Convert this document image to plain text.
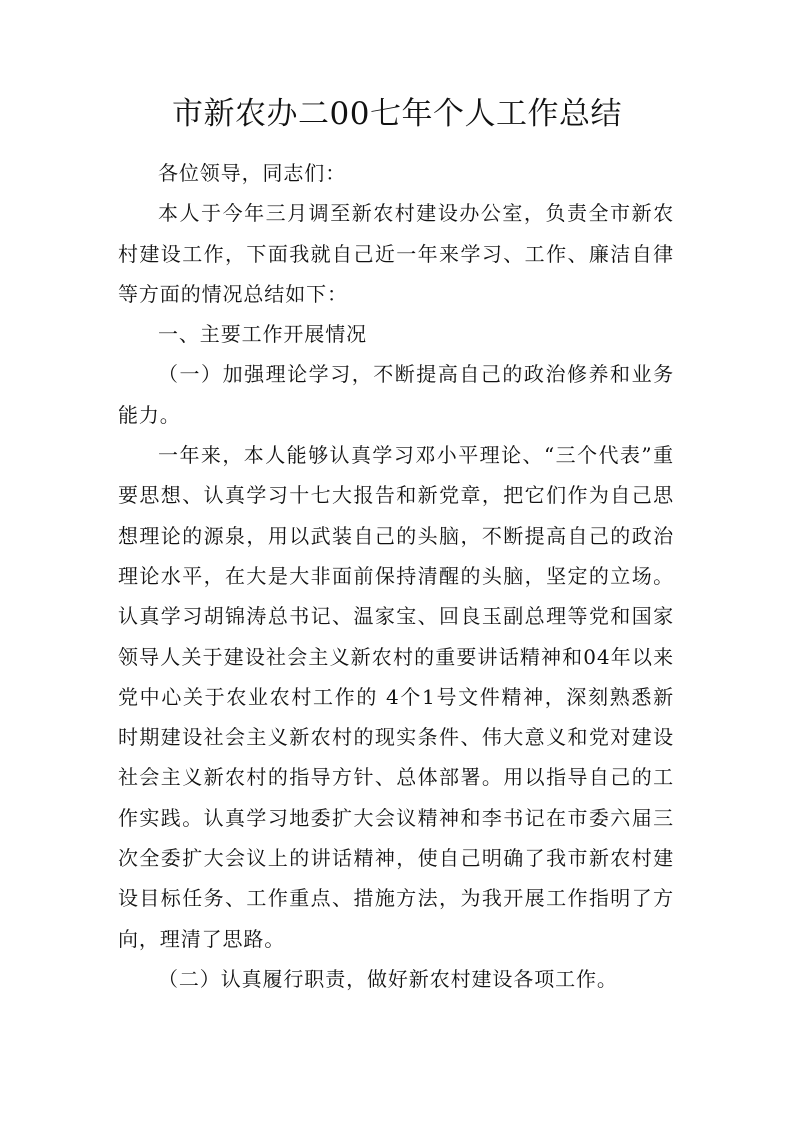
市新农办二00七年个人工作总结

各位领导，同志们：

本人于今年三月调至新农村建设办公室，负责全市新农村建设工作，下面我就自己近一年来学习、工作、廉洁自律等方面的情况总结如下：

一、主要工作开展情况

（一）加强理论学习，不断提高自己的政治修养和业务能力。

一年来，本人能够认真学习邓小平理论、“三个代表”重要思想、认真学习十七大报告和新党章，把它们作为自己思想理论的源泉，用以武装自己的头脑，不断提高自己的政治理论水平，在大是大非面前保持清醒的头脑，坚定的立场。认真学习胡锦涛总书记、温家宝、回良玉副总理等党和国家领导人关于建设社会主义新农村的重要讲话精神和04年以来党中心关于农业农村工作的 4个1号文件精神，深刻熟悉新时期建设社会主义新农村的现实条件、伟大意义和党对建设社会主义新农村的指导方针、总体部署。用以指导自己的工作实践。认真学习地委扩大会议精神和李书记在市委六届三次全委扩大会议上的讲话精神，使自己明确了我市新农村建设目标任务、工作重点、措施方法，为我开展工作指明了方向，理清了思路。

（二）认真履行职责，做好新农村建设各项工作。
